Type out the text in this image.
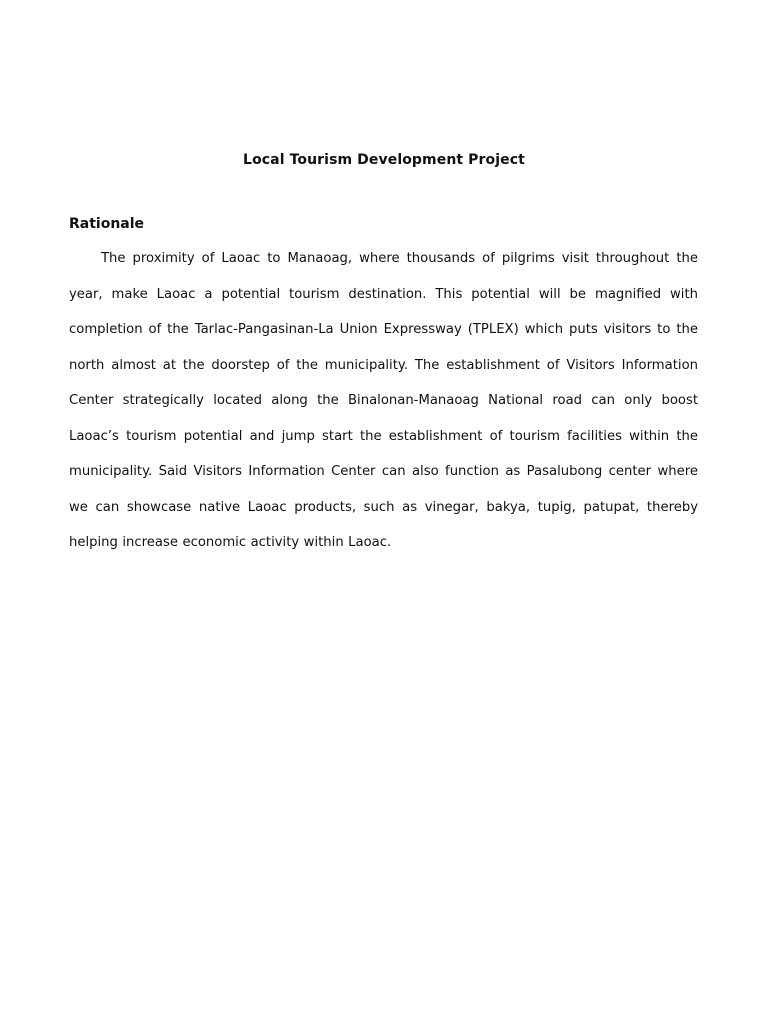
Local Tourism Development Project
Rationale

The proximity of Laoac to Manaoag, where thousands of pilgrims visit throughout the year, make Laoac a potential tourism destination. This potential will be magnified with completion of the Tarlac-Pangasinan-La Union Expressway (TPLEX) which puts visitors to the north almost at the doorstep of the municipality. The establishment of Visitors Information Center strategically located along the Binalonan-Manaoag National road can only boost Laoac’s tourism potential and jump start the establishment of tourism facilities within the municipality. Said Visitors Information Center can also function as Pasalubong center where we can showcase native Laoac products, such as vinegar, bakya, tupig, patupat, thereby helping increase economic activity within Laoac.
